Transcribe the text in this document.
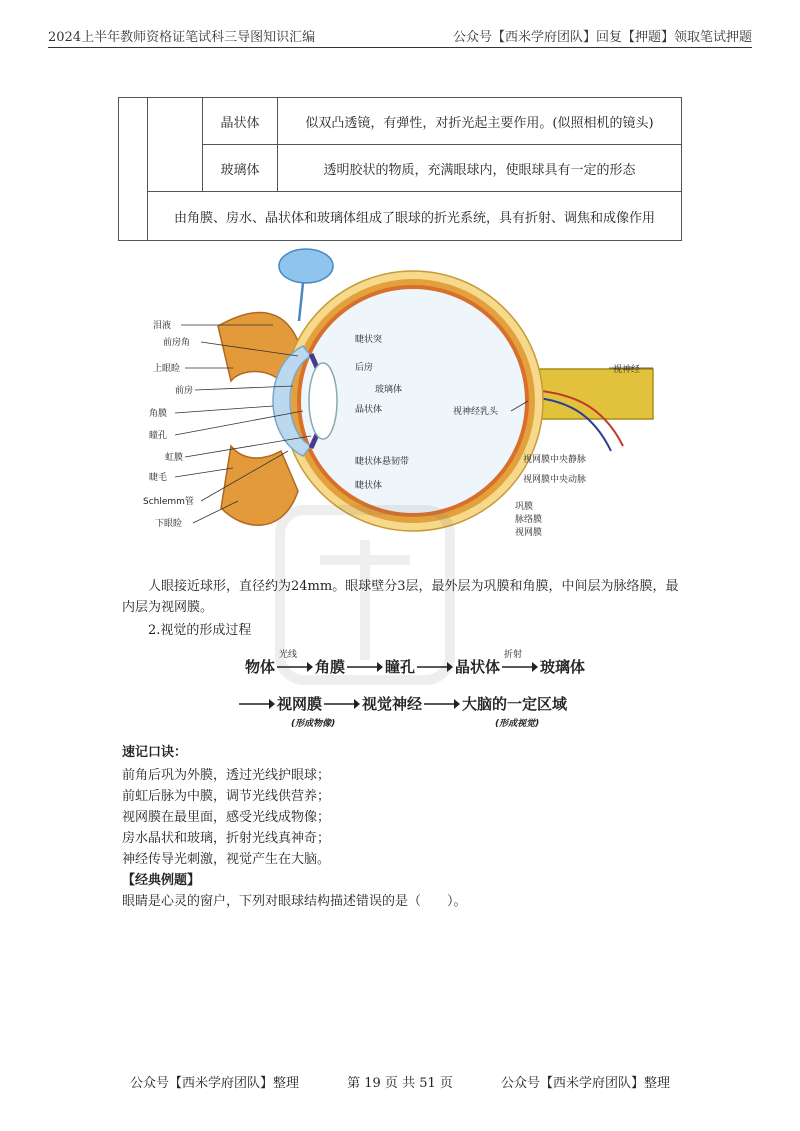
2024上半年教师资格证笔试科三导图知识汇编	公众号【西米学府团队】回复【押题】领取笔试押题
		晶状体	似双凸透镜，有弹性，对折光起主要作用。(似照相机的镜头)
		玻璃体	透明胶状的物质，充满眼球内，使眼球具有一定的形态
	由角膜、房水、晶状体和玻璃体组成了眼球的折光系统，具有折射、调焦和成像作用		
泪液
前房角
上眼睑
前房
角膜
瞳孔
虹膜
睫毛
Schlemm管
下眼睑
睫状突
后房
玻璃体
晶状体
睫状体悬韧带
睫状体
视神经
视神经乳头
视网膜中央静脉
视网膜中央动脉
巩膜
脉络膜
视网膜
人眼接近球形，直径约为24mm。眼球壁分3层，最外层为巩膜和角膜，中间层为脉络膜，最内层为视网膜。
2.视觉的形成过程
物体
光线
角膜	瞳孔	晶状体
折射
玻璃体
视网膜	视觉神经	大脑的一定区域
(形成物像)	(形成视觉)
速记口诀：
前角后巩为外膜，透过光线护眼球；
前虹后脉为中膜，调节光线供营养；
视网膜在最里面，感受光线成物像；
房水晶状和玻璃，折射光线真神奇；
神经传导光刺激，视觉产生在大脑。
【经典例题】
眼睛是心灵的窗户，下列对眼球结构描述错误的是（　　）。
公众号【西米学府团队】整理	第 19 页 共 51 页	公众号【西米学府团队】整理
